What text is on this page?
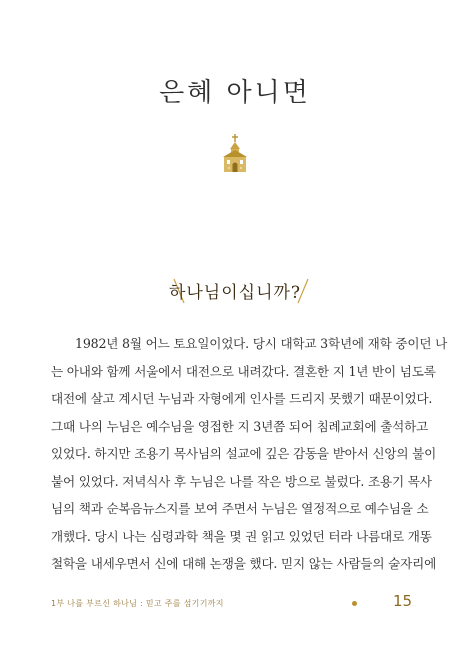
은혜 아니면
하나님이십니까?
1982년 8월 어느 토요일이었다. 당시 대학교 3학년에 재학 중이던 나
는 아내와 함께 서울에서 대전으로 내려갔다. 결혼한 지 1년 반이 넘도록
대전에 살고 계시던 누님과 자형에게 인사를 드리지 못했기 때문이었다.
그때 나의 누님은 예수님을 영접한 지 3년쯤 되어 침례교회에 출석하고
있었다. 하지만 조용기 목사님의 설교에 깊은 감동을 받아서 신앙의 불이
붙어 있었다. 저녁식사 후 누님은 나를 작은 방으로 불렀다. 조용기 목사
님의 책과 순복음뉴스지를 보여 주면서 누님은 열정적으로 예수님을 소
개했다. 당시 나는 심령과학 책을 몇 권 읽고 있었던 터라 나름대로 개똥
철학을 내세우면서 신에 대해 논쟁을 했다. 믿지 않는 사람들의 술자리에
1부 나를 부르신 하나님 : 믿고 주를 섬기기까지	15
